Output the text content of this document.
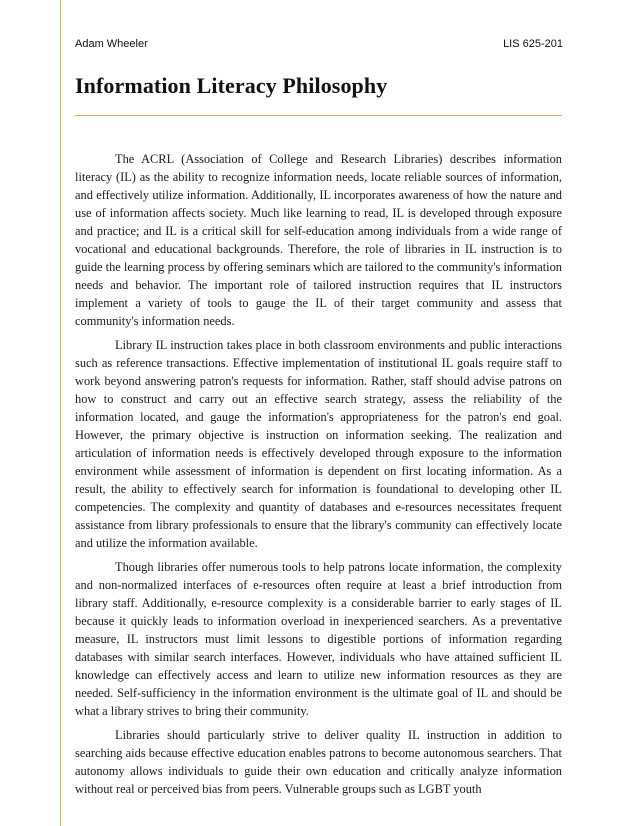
Adam Wheeler	LIS 625-201
Information Literacy Philosophy

The ACRL (Association of College and Research Libraries) describes information literacy (IL) as the ability to recognize information needs, locate reliable sources of information, and effectively utilize information. Additionally, IL incorporates awareness of how the nature and use of information affects society. Much like learning to read, IL is developed through exposure and practice; and IL is a critical skill for self-education among individuals from a wide range of vocational and educational backgrounds. Therefore, the role of libraries in IL instruction is to guide the learning process by offering seminars which are tailored to the community's information needs and behavior. The important role of tailored instruction requires that IL instructors implement a variety of tools to gauge the IL of their target community and assess that community's information needs.

Library IL instruction takes place in both classroom environments and public interactions such as reference transactions. Effective implementation of institutional IL goals require staff to work beyond answering patron's requests for information. Rather, staff should advise patrons on how to construct and carry out an effective search strategy, assess the reliability of the information located, and gauge the information's appropriateness for the patron's end goal. However, the primary objective is instruction on information seeking. The realization and articulation of information needs is effectively developed through exposure to the information environment while assessment of information is dependent on first locating information. As a result, the ability to effectively search for information is foundational to developing other IL competencies. The complexity and quantity of databases and e-resources necessitates frequent assistance from library professionals to ensure that the library's community can effectively locate and utilize the information available.

Though libraries offer numerous tools to help patrons locate information, the complexity and non-normalized interfaces of e-resources often require at least a brief introduction from library staff. Additionally, e-resource complexity is a considerable barrier to early stages of IL because it quickly leads to information overload in inexperienced searchers. As a preventative measure, IL instructors must limit lessons to digestible portions of information regarding databases with similar search interfaces. However, individuals who have attained sufficient IL knowledge can effectively access and learn to utilize new information resources as they are needed. Self-sufficiency in the information environment is the ultimate goal of IL and should be what a library strives to bring their community.

Libraries should particularly strive to deliver quality IL instruction in addition to searching aids because effective education enables patrons to become autonomous searchers. That autonomy allows individuals to guide their own education and critically analyze information without real or perceived bias from peers. Vulnerable groups such as LGBT youth
